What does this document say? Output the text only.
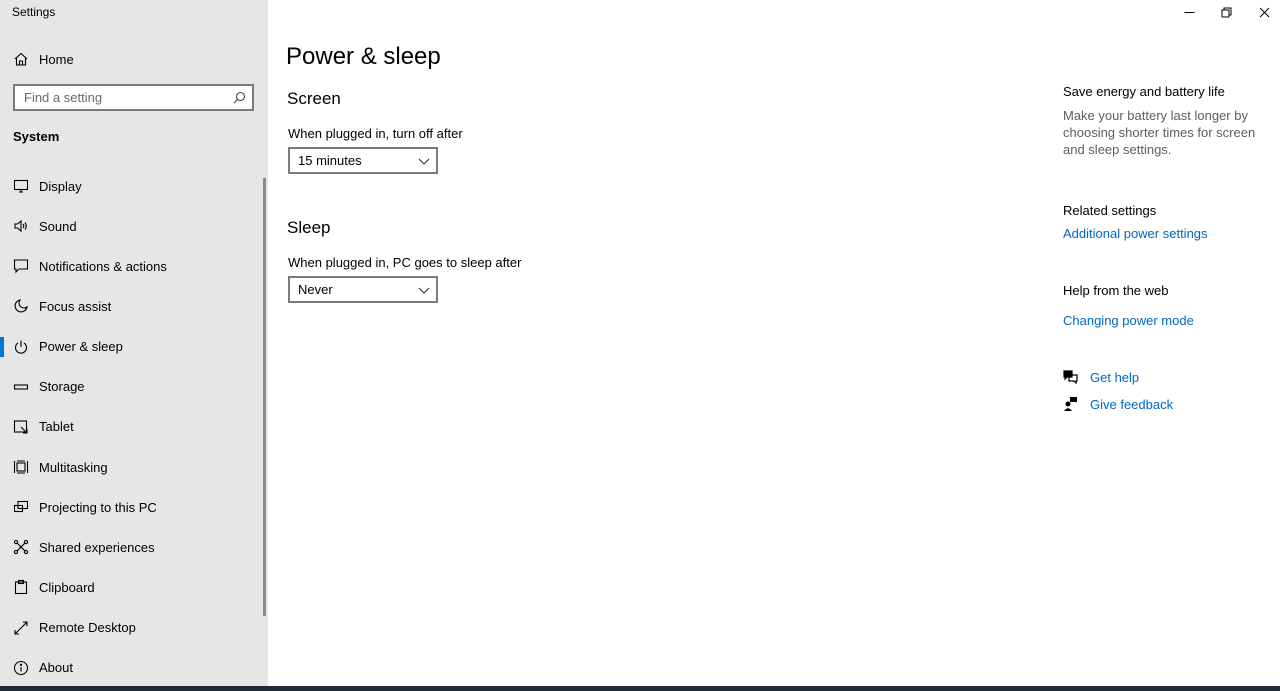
Settings
Home
Find a setting
System
Display
Sound
Notifications & actions
Focus assist
Power & sleep
Storage
Tablet
Multitasking
Projecting to this PC
Shared experiences
Clipboard
Remote Desktop
About
Power & sleep
Screen
When plugged in, turn off after
15 minutes
Sleep
When plugged in, PC goes to sleep after
Never
Save energy and battery life
Make your battery last longer by choosing shorter times for screen and sleep settings.
Related settings
Additional power settings
Help from the web
Changing power mode
Get help
Give feedback
